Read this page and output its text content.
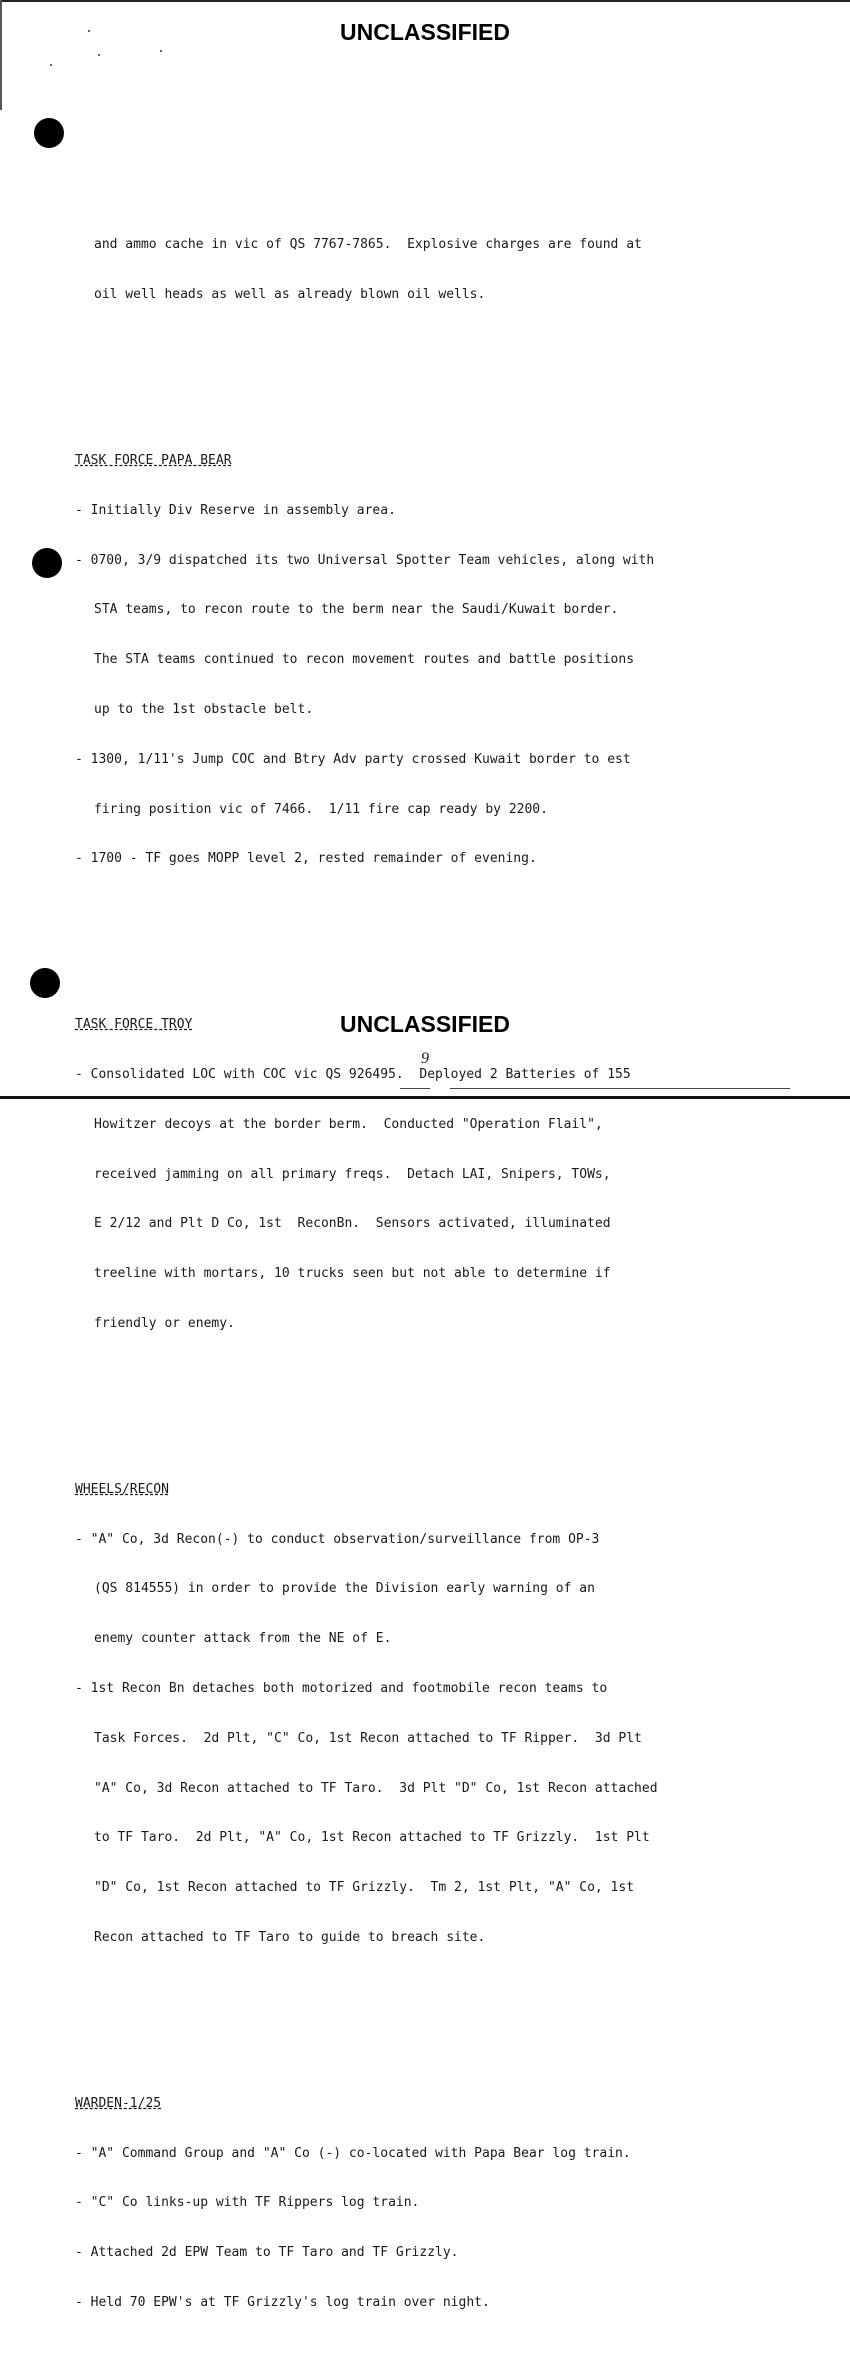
UNCLASSIFIED

and ammo cache in vic of QS 7767-7865.  Explosive charges are found at

oil well heads as well as already blown oil wells.

TASK FORCE PAPA BEAR

- Initially Div Reserve in assembly area.

- 0700, 3/9 dispatched its two Universal Spotter Team vehicles, along with

STA teams, to recon route to the berm near the Saudi/Kuwait border.

The STA teams continued to recon movement routes and battle positions

up to the 1st obstacle belt.

- 1300, 1/11's Jump COC and Btry Adv party crossed Kuwait border to est

firing position vic of 7466.  1/11 fire cap ready by 2200.

- 1700 - TF goes MOPP level 2, rested remainder of evening.

TASK FORCE TROY

- Consolidated LOC with COC vic QS 926495.  Deployed 2 Batteries of 155

Howitzer decoys at the border berm.  Conducted "Operation Flail",

received jamming on all primary freqs.  Detach LAI, Snipers, TOWs,

E 2/12 and Plt D Co, 1st  ReconBn.  Sensors activated, illuminated

treeline with mortars, 10 trucks seen but not able to determine if

friendly or enemy.

WHEELS/RECON

- "A" Co, 3d Recon(-) to conduct observation/surveillance from OP-3

(QS 814555) in order to provide the Division early warning of an

enemy counter attack from the NE of E.

- 1st Recon Bn detaches both motorized and footmobile recon teams to

Task Forces.  2d Plt, "C" Co, 1st Recon attached to TF Ripper.  3d Plt

"A" Co, 3d Recon attached to TF Taro.  3d Plt "D" Co, 1st Recon attached

to TF Taro.  2d Plt, "A" Co, 1st Recon attached to TF Grizzly.  1st Plt

"D" Co, 1st Recon attached to TF Grizzly.  Tm 2, 1st Plt, "A" Co, 1st

Recon attached to TF Taro to guide to breach site.

WARDEN-1/25

- "A" Command Group and "A" Co (-) co-located with Papa Bear log train.

- "C" Co links-up with TF Rippers log train.

- Attached 2d EPW Team to TF Taro and TF Grizzly.

- Held 70 EPW's at TF Grizzly's log train over night.

UNCLASSIFIED
9
